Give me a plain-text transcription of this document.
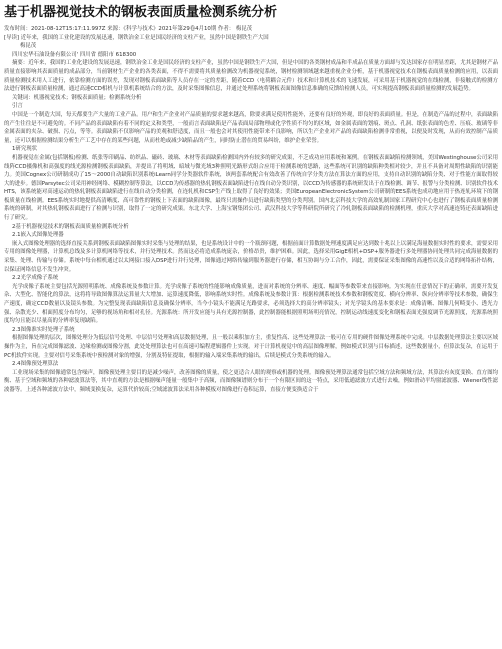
基于机器视觉技术的钢板表面质量检测系统分析
发布时间：2021-08-12T15:17:11.997Z 来源：《科学与技术》2021年第29卷4月10期 作者： 梅昆茂
[导读] 近年来，我国的工业化建设的发展迅速，钢铁冶金工业是国民经济的支柱产业，虽然中国是钢铁生产大国
梅昆茂
四川宏华石油设备有限公司' 四川省 德阳市 618300
摘要：近年来，我国的工业化建设的发展迅速，钢铁冶金工业是国民经济的支柱产业，虽然中国是钢铁生产大国，但是中国的各类钢材成品和半成品在质量方面却与发达国家存在明显差距，尤其是钢材产品质量直接影响其表面质量的成品部分，当前钢材生产企业的各类表面，不得不需要将其质量检测改为机器视觉系统，钢材检测领域越来越重视企业分析，基于机器视觉技术在钢板表面质量检测的应用，以表面质量检测技术用人工进行，依靠检测方面的误差，发现对钢板表面缺陷等人员存在一定的差距，随着CCD（电荷耦合元件）技术和计算机技术的飞速发展，可采用基于机器视觉的在线检测，非接触式的检测方法进行钢板表面质量检测，通过高速CCD相机与计算机系统结合的方法，及时采集图像信息，并通过处理系统将钢板表面图像信息准确的反馈给检测人员，可实现提高钢板表面质量检测的发展趋势。
关键词：机器视觉技术；钢板表面质量；检测系统分析
引言
中国是一个制造大国，每天都要生产大量的工业产品。用户和生产企业对产品质量的要求越来越高，除要求满足使用性能外，还要有良好的外观，即良好的表面质量。但是，在制造产品的过程中，表面缺陷的产生往往是不可避免的。不同产品的表面缺陷有着不同的定义和类型，一般而言表面缺陷是产品表面局部物理或化学性质不均匀的区域，如金属表面的划痕、斑点、孔洞、纸张表面的色差、压痕、玻璃等非金属表面的夹杂、破损、污点，等等。表面缺陷不仅影响产品的美观和舒适度，而且一般也会对其使用性能带来不良影响，所以生产企业对产品的表面缺陷检测非常重视，以便及时发现，从而有效控制产品质量，还可以根据检测结果分析生产工艺中存在的某些问题，从而杜绝或减少缺陷品的产生，同时防止潜在的贸易纠纷，维护企业荣誉。
1研究现状
机器视觉在金属(包括钢板)检测、纸张等印刷品、纺织品、磁砖、玻璃、木材等表面缺陷检测国内外有较多的研究成果，不乏成功应用系统和案例。在钢板表面缺陷检测领域，美国Westinghouse公司采用线阵CCD摄像机和高强度的线光源检测钢板表面缺陷，并提出了将明域、暗域与微光域3种照明光路形式组合应用于检测系统的思路，这些系统可识别的缺陷种类相对较少，并且不具备对周期性缺陷的识别能力。美国Cognex公司研制成功了15～2000自动缺陷识别系统iLearn同学分类器软件系统，该两套系统配合有效改善了传统自学分类方法在算法方面的应用，支持自动识别的缺陷分类、对于性能方面取得较大的进步。德国Parsytec公司采用神经网络、模糊控制等算法，以CCD为传感器的热轧钢板表面缺陷进行在线自动分类识别，以CCD为传感器的系统研发出于在线检测、调节、报警与分类检测、识别软件技术HTS，该系统能对高速运动的热轧钢板表面缺陷进行在线自动分类检测，在连轧机和CSP生产线上取得了良好的效果；美国EuropeanElectronicSystem公司研制的EES系统也成功地应用于热连轧环境下的钢板质量在线检测。EES系统实时地提供高清晰度、高可靠性的钢板上下表面的缺陷图像，最终只需操作员进行缺陷类型的分类判别。国内北京科技大学的高效轧制国家工程研究中心也进行了钢板表面质量检测系统的研制，对其热轧钢板表面进行了检测与识别，取得了一定的研究成果。东北大学、上海宝钢集团公司、武汉科技大学等科研院所研究了冷轧钢板表面缺陷的检测机理，重庆大学对高速连铸还表面缺陷进行了研究。
2基于机器视觉技术的钢板表面质量检测系统分析
2.1嵌入式图像处理器
嵌入式图像处理器的选择直接关系到钢板表面缺陷图像实时采集与处理的结果，也是系统设计中的一个瓶颈问题，根据前面计算数据处理速度满足应达到数十兆以上以满足海量数据实时性的要求，需要采用专用的图像处理器，计算机总线及多计算机网络等技术，并行处理技术。然而这必将造成系统庞杂，价格昂贵，维护困难。因此，选择采用GigE相机+DSP+服务器进行多处理器协同处理共同完成海量数据的采集、处理、传输与存储。系统中每台相机通过以太网接口接入DSP进行并行处理，图像通过网络传输到服务器进行存储，相互协调与分工合作，因此，需要保证采集图像的高速性以及合适的网络拓扑结构，以保证网络信息不发生冲突。
2.2光学成像子系统
光学成像子系统主要包括光源照明系统、成像系统及参数计算。光学成像子系统的性能影响成像质量，进而对系统的分辨率、速度、幅面等参数带来直接影响。为实现在任意情况下的正确率，需要开发复杂、大型化、智能化的算法，这将将导致图像算法运算量大大增加、运算速度降低，影响系统实时性。成像系统及参数计算：根据检测系统技术参数和钢板宽度、横向分辨率、纵向分辨率等技术参数，确保生产速度，确定CCD数量以及镜头参数。为完整复现表面缺陷信息及确保分辨率，当今小镜头不能满足光路要求，必须选择大的高分辨率镜头；对光学镜头的基本要求是：成像清晰、图像几何畸变小、透光力强、杂散光少、相面照度分布均匀，足够的视场角和相对孔径。光源系统：所开发应能与具有光源控制器，此控制器能根据照明场明亮情况，控制运动线速度变化和钢板表面光强度调节光源照度，光源系统照度均匀且能以尽量高的分辨率复现缺陷。
2.3图像准实时处理子系统
根据图像处理的层次，图像处理分为低层信号处理、中层信号处理和高层数据处理，且一般以乘积加方主，重复性高、这些处理算法一般可在专用的硬件图像处理系统中完成。中层数据处理算法主要以区域操作为主，旨在完成图像滤波、边缘检测或图像分割，此处处理算法也可在高速可编程逻辑器件上实现。对于计算机视觉中的高层图像理解，例如模式识别与目标描述，这些数据量小，但算法复杂，在运用于PC机软件实现。主要对信号采集系统中预检测对象的增强，分割及特征提取，根据的输入端采集系统的输出，后续是模式分类系统的输入。
2.4图像预处理算法
工业现场采集的图像通常包含噪声，图像预处理主要目的是减少噪声，改善图像的质量，使之更适合人眼的观察或机器的处理。图像预处理算法通常包括空域方法和频域方法，其算法有灰度变换、直方图均衡、基于空域和频域的各种滤波算法等，其中直观的方法是根据噪声能量一般集中于高频，而图像频谱则分布于一个有限区间的这一特点，采用低通滤波方式进行去噪，例如滑动平均窗滤波器、Wiener线性滤波器等。上述各种滤波方法中，频域变换复杂，运算代价较高;空域滤波算法采用各种模板对图像进行卷积运算，直接方便变换适合于
